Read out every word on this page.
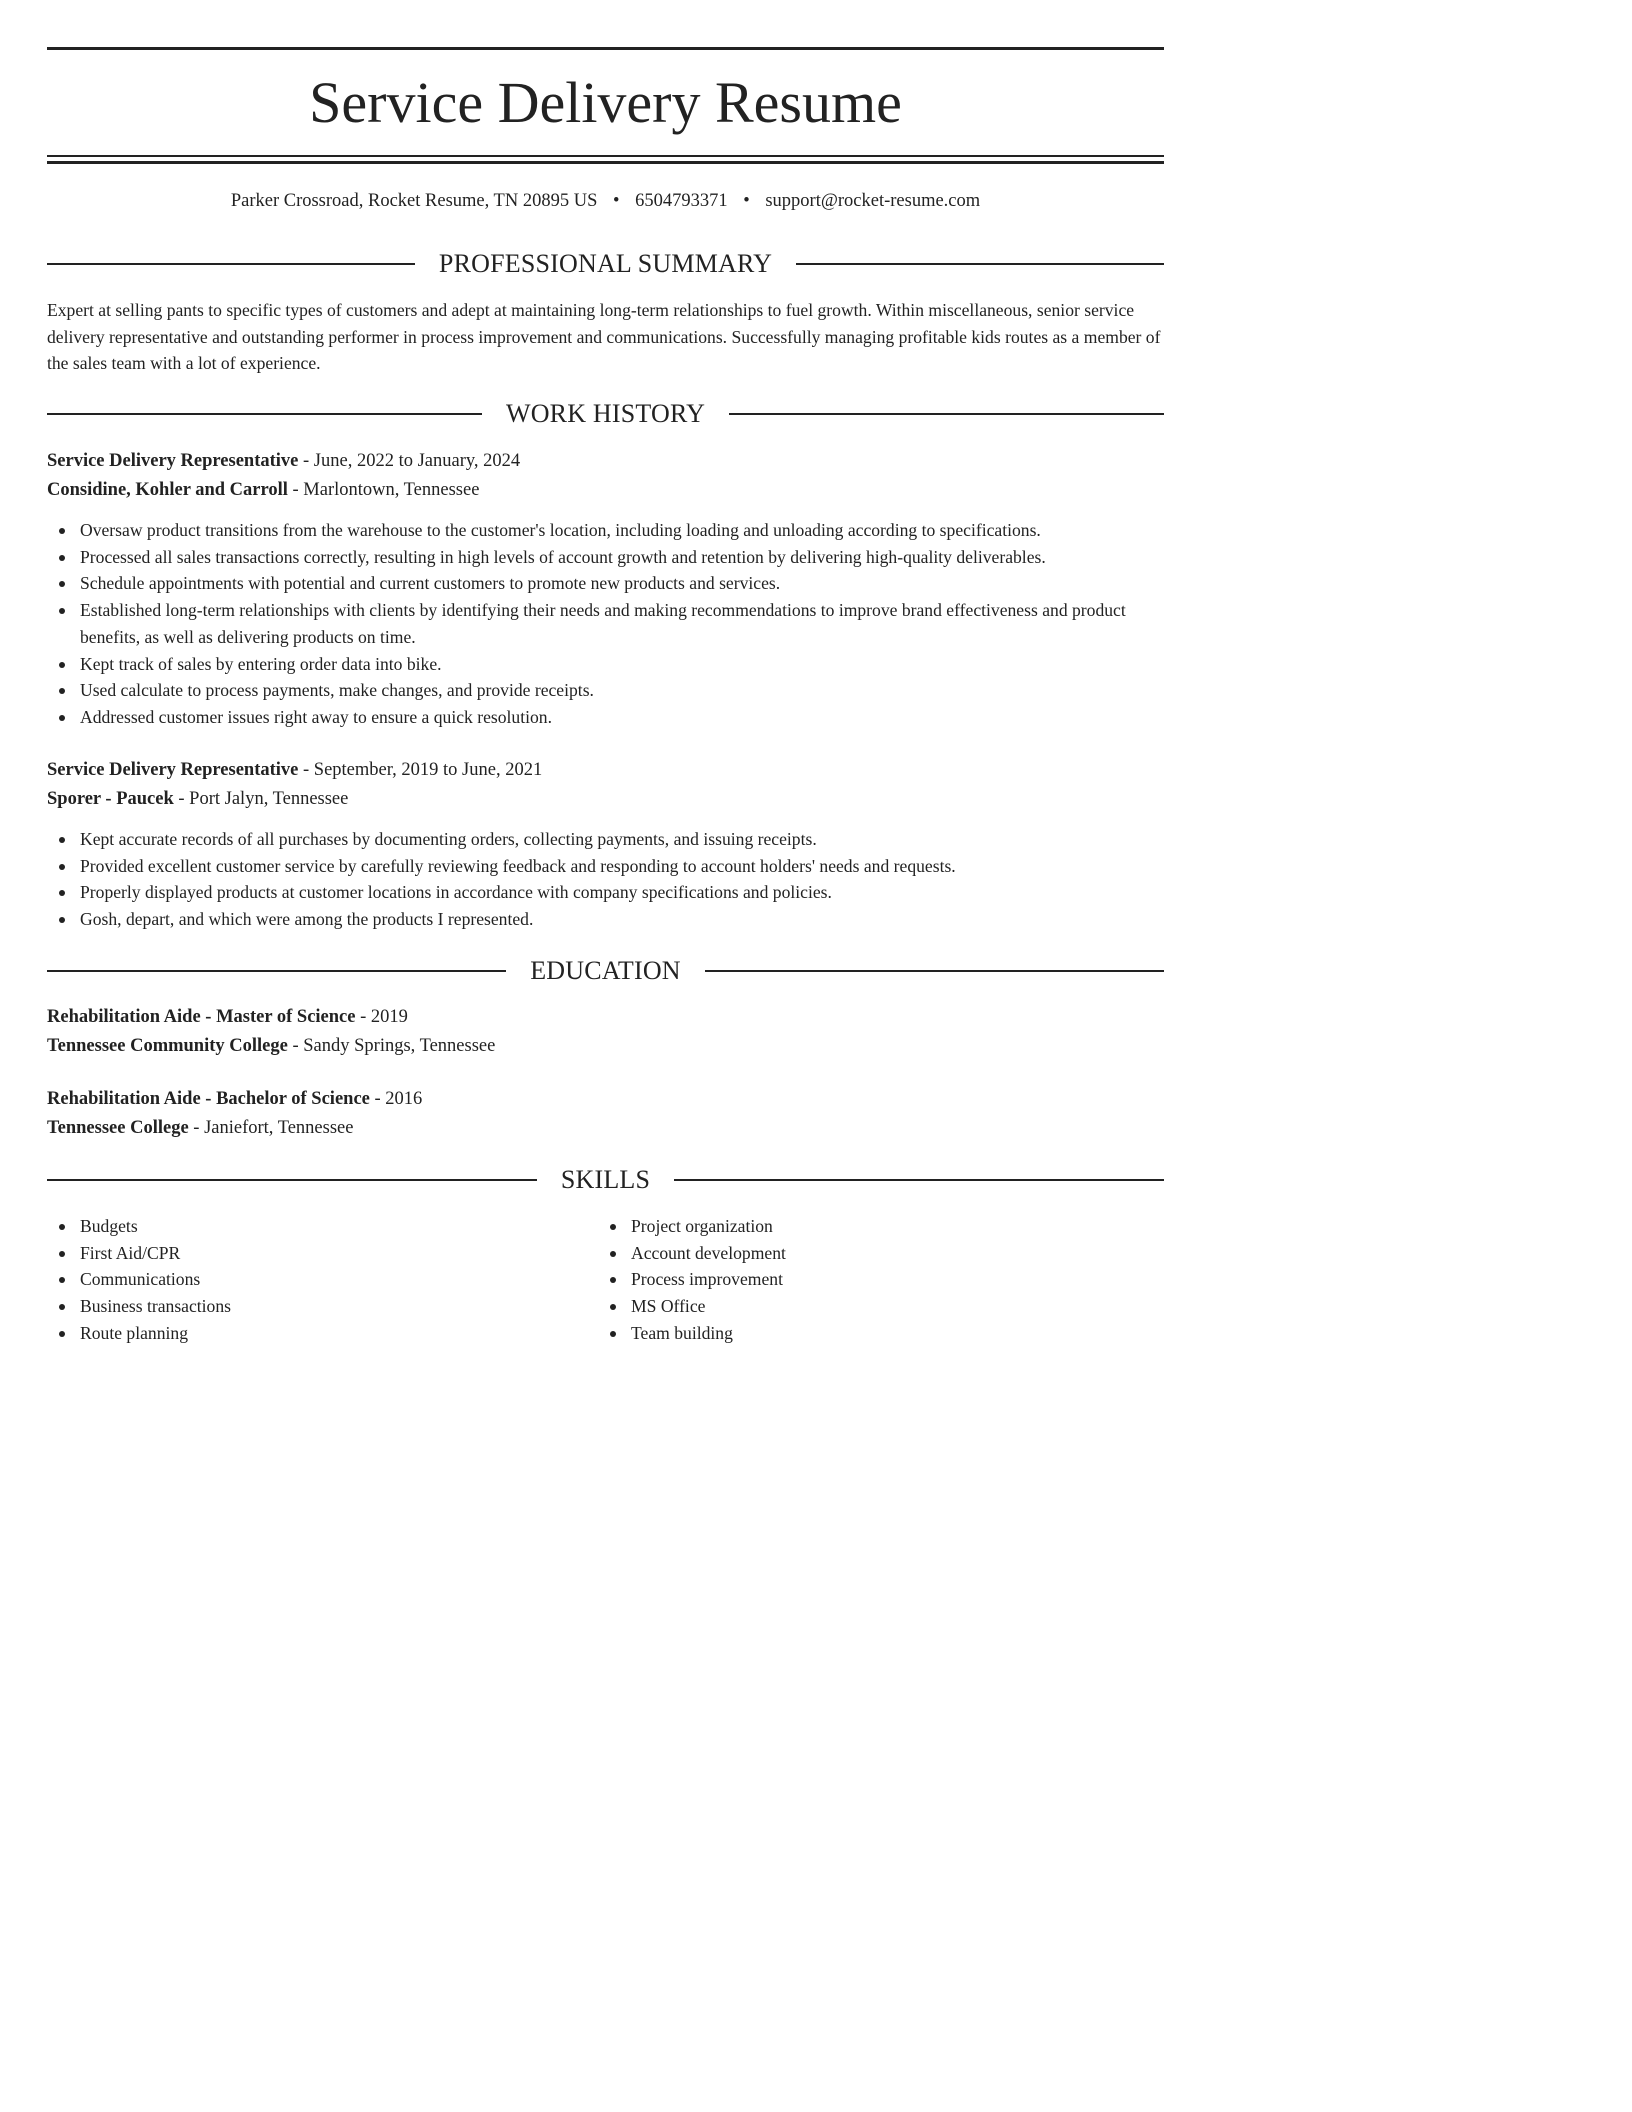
Service Delivery Resume
Parker Crossroad, Rocket Resume, TN 20895 US • 6504793371 • support@rocket-resume.com
PROFESSIONAL SUMMARY

Expert at selling pants to specific types of customers and adept at maintaining long-term relationships to fuel growth. Within miscellaneous, senior service delivery representative and outstanding performer in process improvement and communications. Successfully managing profitable kids routes as a member of the sales team with a lot of experience.

WORK HISTORY
Service Delivery Representative - June, 2022 to January, 2024
Considine, Kohler and Carroll - Marlontown, Tennessee
Oversaw product transitions from the warehouse to the customer's location, including loading and unloading according to specifications.
Processed all sales transactions correctly, resulting in high levels of account growth and retention by delivering high-quality deliverables.
Schedule appointments with potential and current customers to promote new products and services.
Established long-term relationships with clients by identifying their needs and making recommendations to improve brand effectiveness and product benefits, as well as delivering products on time.
Kept track of sales by entering order data into bike.
Used calculate to process payments, make changes, and provide receipts.
Addressed customer issues right away to ensure a quick resolution.
Service Delivery Representative - September, 2019 to June, 2021
Sporer - Paucek - Port Jalyn, Tennessee
Kept accurate records of all purchases by documenting orders, collecting payments, and issuing receipts.
Provided excellent customer service by carefully reviewing feedback and responding to account holders' needs and requests.
Properly displayed products at customer locations in accordance with company specifications and policies.
Gosh, depart, and which were among the products I represented.
EDUCATION
Rehabilitation Aide - Master of Science - 2019
Tennessee Community College - Sandy Springs, Tennessee
Rehabilitation Aide - Bachelor of Science - 2016
Tennessee College - Janiefort, Tennessee
SKILLS
Budgets
First Aid/CPR
Communications
Business transactions
Route planning
Project organization
Account development
Process improvement
MS Office
Team building
